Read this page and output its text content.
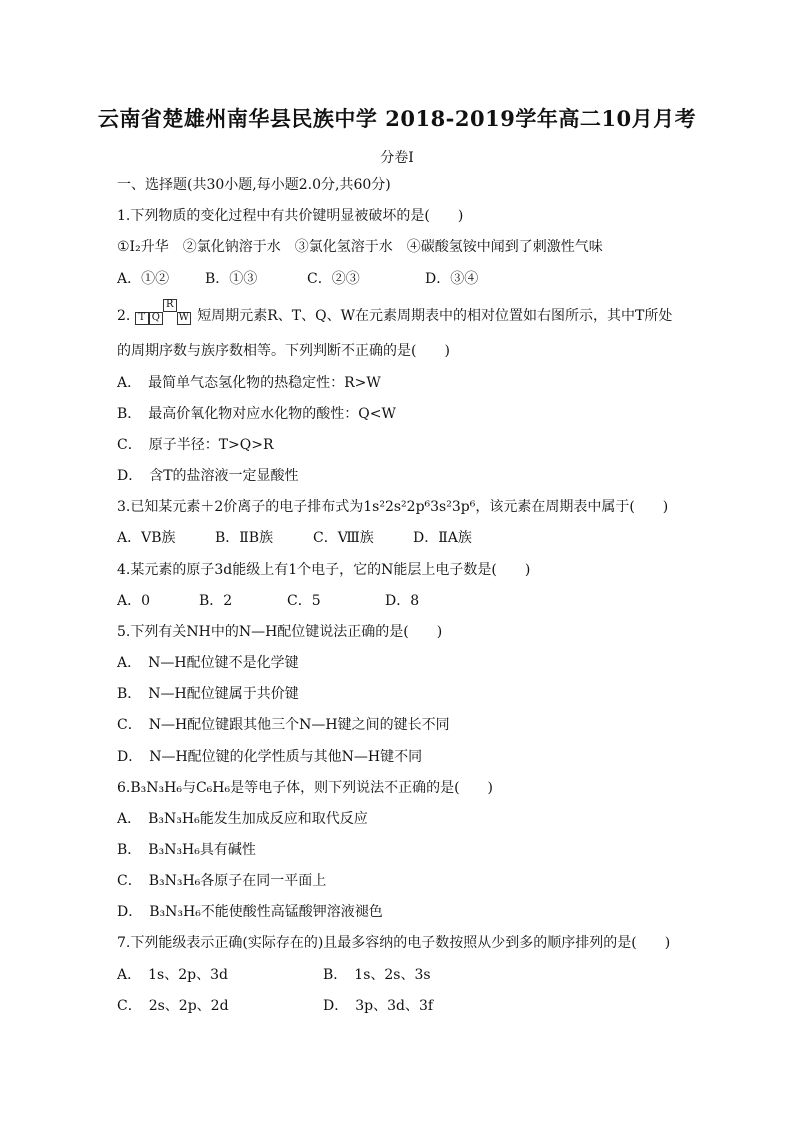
云南省楚雄州南华县民族中学 2018-2019学年高二10月月考
分卷I
一、选择题(共30小题,每小题2.0分,共60分)
1.下列物质的变化过程中有共价键明显被破坏的是(　　)
①I₂升华　②氯化钠溶于水　③氯化氢溶于水　④碳酸氢铵中闻到了刺激性气味
A．①②	B．①③	C．②③	D．③④
2.
R
T Q W 短周期元素R、T、Q、W在元素周期表中的相对位置如右图所示，其中T所处
的周期序数与族序数相等。下列判断不正确的是(　　)
A．　最简单气态氢化物的热稳定性：R>W
B．　最高价氧化物对应水化物的酸性：Q<W
C．　原子半径：T>Q>R
D．　含T的盐溶液一定显酸性
3.已知某元素＋2价离子的电子排布式为1s²2s²2p⁶3s²3p⁶，该元素在周期表中属于(　　)
A．ⅤB族	B．ⅡB族	C．Ⅷ族	D．ⅡA族
4.某元素的原子3d能级上有1个电子，它的N能层上电子数是(　　)
A．0	B．2	C．5	D．8
5.下列有关NH中的N—H配位键说法正确的是(　　)
A．　N—H配位键不是化学键
B．　N—H配位键属于共价键
C．　N—H配位键跟其他三个N—H键之间的键长不同
D．　N—H配位键的化学性质与其他N—H键不同
6.B₃N₃H₆与C₆H₆是等电子体，则下列说法不正确的是(　　)
A．　B₃N₃H₆能发生加成反应和取代反应
B．　B₃N₃H₆具有碱性
C．　B₃N₃H₆各原子在同一平面上
D．　B₃N₃H₆不能使酸性高锰酸钾溶液褪色
7.下列能级表示正确(实际存在的)且最多容纳的电子数按照从少到多的顺序排列的是(　　)
A．　1s、2p、3d	B．　1s、2s、3s
C．　2s、2p、2d	D．　3p、3d、3f
